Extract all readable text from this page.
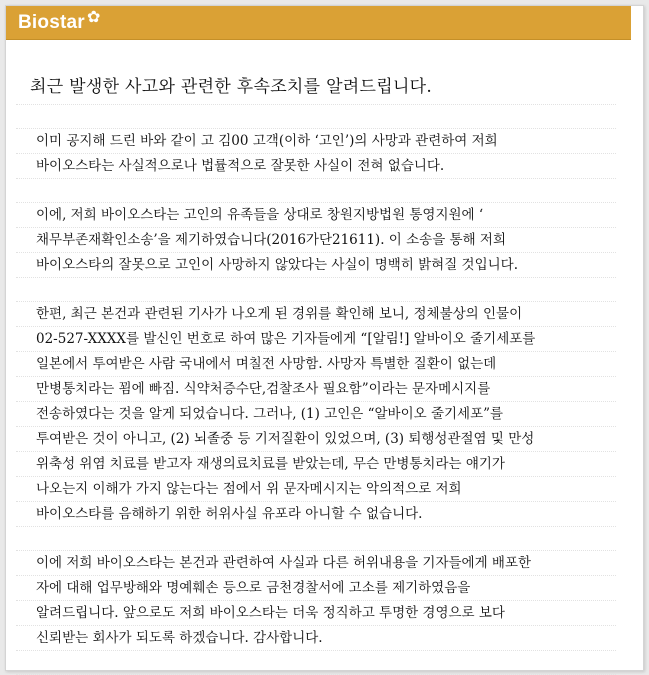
Biostar ✿
최근 발생한 사고와 관련한 후속조치를 알려드립니다.
이미 공지해 드린 바와 같이 고 김00 고객(이하 ‘고인’)의 사망과 관련하여 저희
바이오스타는 사실적으로나 법률적으로 잘못한 사실이 전혀 없습니다.
이에, 저희 바이오스타는 고인의 유족들을 상대로 창원지방법원 통영지원에 ‘
채무부존재확인소송’을 제기하였습니다(2016가단21611). 이 소송을 통해 저희
바이오스타의 잘못으로 고인이 사망하지 않았다는 사실이 명백히 밝혀질 것입니다.
한편, 최근 본건과 관련된 기사가 나오게 된 경위를 확인해 보니, 정체불상의 인물이
02-527-XXXX를 발신인 번호로 하여 많은 기자들에게 “[알림!] 알바이오 줄기세포를
일본에서 투여받은 사람 국내에서 며칠전 사망함. 사망자 특별한 질환이 없는데
만병통치라는 꾐에 빠짐. 식약처증수단,검찰조사 필요함”이라는 문자메시지를
전송하였다는 것을 알게 되었습니다. 그러나, (1) 고인은 “알바이오 줄기세포”를
투여받은 것이 아니고, (2) 뇌졸중 등 기저질환이 있었으며, (3) 퇴행성관절염 및 만성
위축성 위염 치료를 받고자 재생의료치료를 받았는데, 무슨 만병통치라는 얘기가
나오는지 이해가 가지 않는다는 점에서 위 문자메시지는 악의적으로 저희
바이오스타를 음해하기 위한 허위사실 유포라 아니할 수 없습니다.
이에 저희 바이오스타는 본건과 관련하여 사실과 다른 허위내용을 기자들에게 배포한
자에 대해 업무방해와 명예훼손 등으로 금천경찰서에 고소를 제기하였음을
알려드립니다. 앞으로도 저희 바이오스타는 더욱 정직하고 투명한 경영으로 보다
신뢰받는 회사가 되도록 하겠습니다. 감사합니다.
